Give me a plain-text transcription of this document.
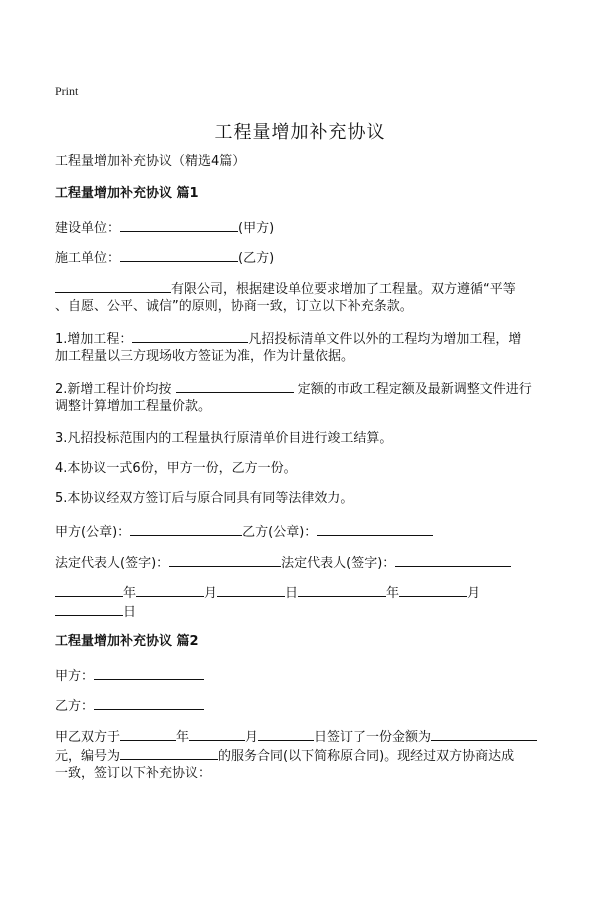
Print
工程量增加补充协议
工程量增加补充协议（精选4篇）
工程量增加补充协议 篇1
建设单位：	(甲方)
施工单位：	(乙方)
有限公司，根据建设单位要求增加了工程量。双方遵循“平等
、自愿、公平、诚信”的原则，协商一致，订立以下补充条款。
1.增加工程：	凡招投标清单文件以外的工程均为增加工程，增
加工程量以三方现场收方签证为准，作为计量依据。
2.新增工程计价均按	定额的市政工程定额及最新调整文件进行
调整计算增加工程量价款。
3.凡招投标范围内的工程量执行原清单价目进行竣工结算。
4.本协议一式6份，甲方一份，乙方一份。
5.本协议经双方签订后与原合同具有同等法律效力。
甲方(公章)：	乙方(公章)：
法定代表人(签字)：	法定代表人(签字)：
年	月	日	年	月
日
工程量增加补充协议 篇2
甲方：
乙方：
甲乙双方于	年	月	日签订了一份金额为
元，编号为	的服务合同(以下简称原合同)。现经过双方协商达成
一致，签订以下补充协议：
